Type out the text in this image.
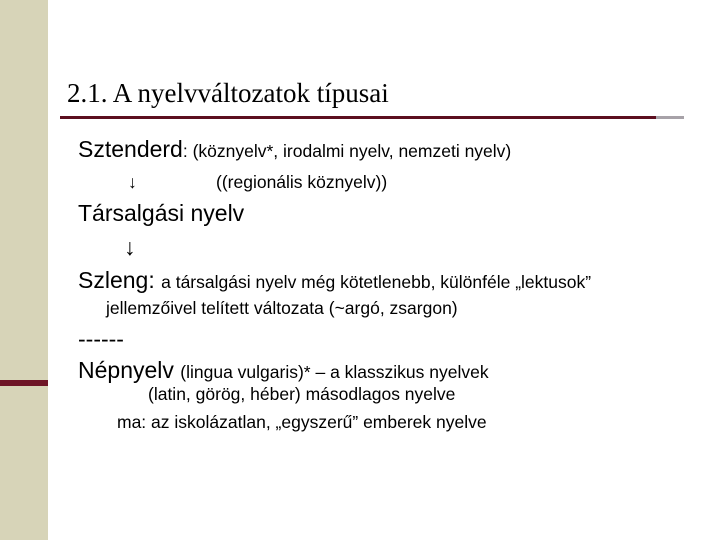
2.1. A nyelvváltozatok típusai
Sztenderd: (köznyelv*, irodalmi nyelv, nemzeti nyelv)
↓	((regionális köznyelv))
Társalgási nyelv
↓
Szleng: a társalgási nyelv még kötetlenebb, különféle „lektusok”
jellemzőivel telített változata (~argó, zsargon)
------
Népnyelv (lingua vulgaris)* – a klasszikus nyelvek
(latin, görög, héber) másodlagos nyelve
ma: az iskolázatlan, „egyszerű” emberek nyelve
